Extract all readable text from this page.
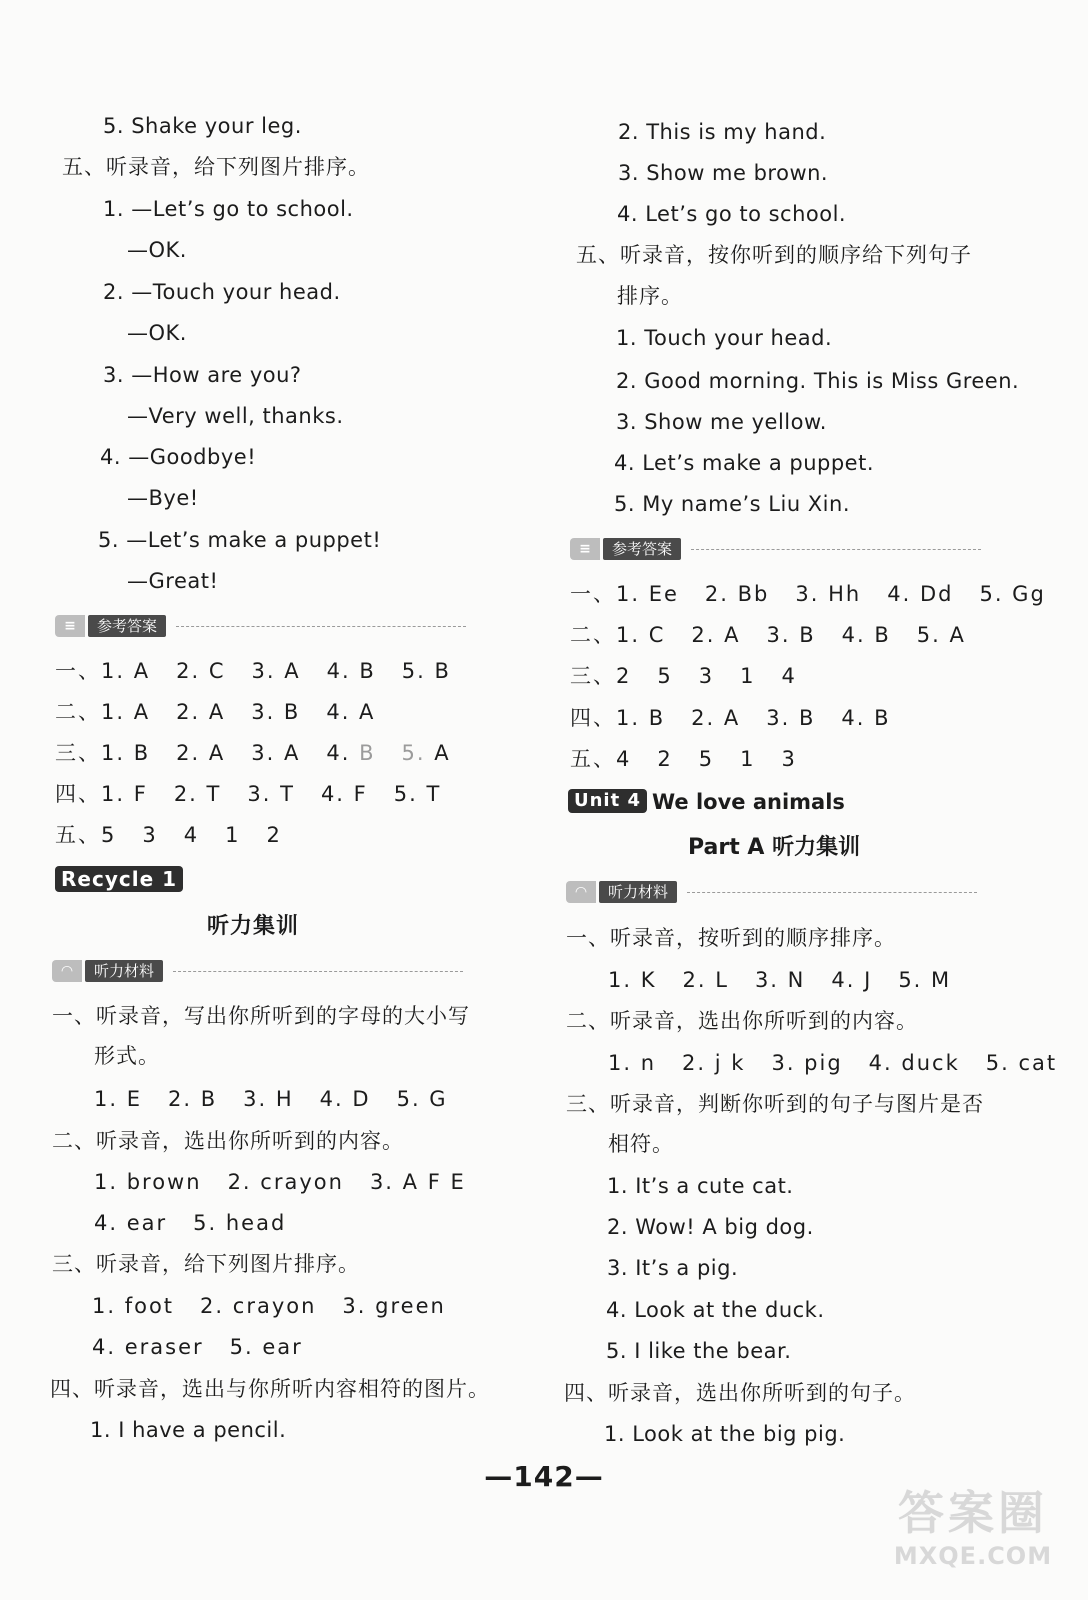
5. Shake your leg.
五、听录音，给下列图片排序。
1. —Let’s go to school.
—OK.
2. —Touch your head.
—OK.
3. —How are you?
—Very well, thanks.
4. —Goodbye!
—Bye!
5. —Let’s make a puppet!
—Great!
≡	参考答案
一、1. A   2. C   3. A   4. B   5. B
二、1. A   2. A   3. B   4. A
三、1. B   2. A   3. A   4. B   5. A
四、1. F   2. T   3. T   4. F   5. T
五、5   3   4   1   2
Recycle 1
听力集训
◠	听力材料
一、听录音，写出你所听到的字母的大小写
形式。
1. E   2. B   3. H   4. D   5. G
二、听录音，选出你所听到的内容。
1. brown   2. crayon   3. A F E
4. ear   5. head
三、听录音，给下列图片排序。
1. foot   2. crayon   3. green
4. eraser   5. ear
四、听录音，选出与你所听内容相符的图片。
1. I have a pencil.
2. This is my hand.
3. Show me brown.
4. Let’s go to school.
五、听录音，按你听到的顺序给下列句子
排序。
1. Touch your head.
2. Good morning. This is Miss Green.
3. Show me yellow.
4. Let’s make a puppet.
5. My name’s Liu Xin.
≡	参考答案
一、1. Ee   2. Bb   3. Hh   4. Dd   5. Gg
二、1. C   2. A   3. B   4. B   5. A
三、2   5   3   1   4
四、1. B   2. A   3. B   4. B
五、4   2   5   1   3
Unit 4 We love animals
Part A 听力集训
◠	听力材料
一、听录音，按听到的顺序排序。
1. K   2. L   3. N   4. J   5. M
二、听录音，选出你所听到的内容。
1. n   2. j k   3. pig   4. duck   5. cat
三、听录音，判断你听到的句子与图片是否
相符。
1. It’s a cute cat.
2. Wow! A big dog.
3. It’s a pig.
4. Look at the duck.
5. I like the bear.
四、听录音，选出你所听到的句子。
1. Look at the big pig.
—142—
答案圈
MXQE.COM
